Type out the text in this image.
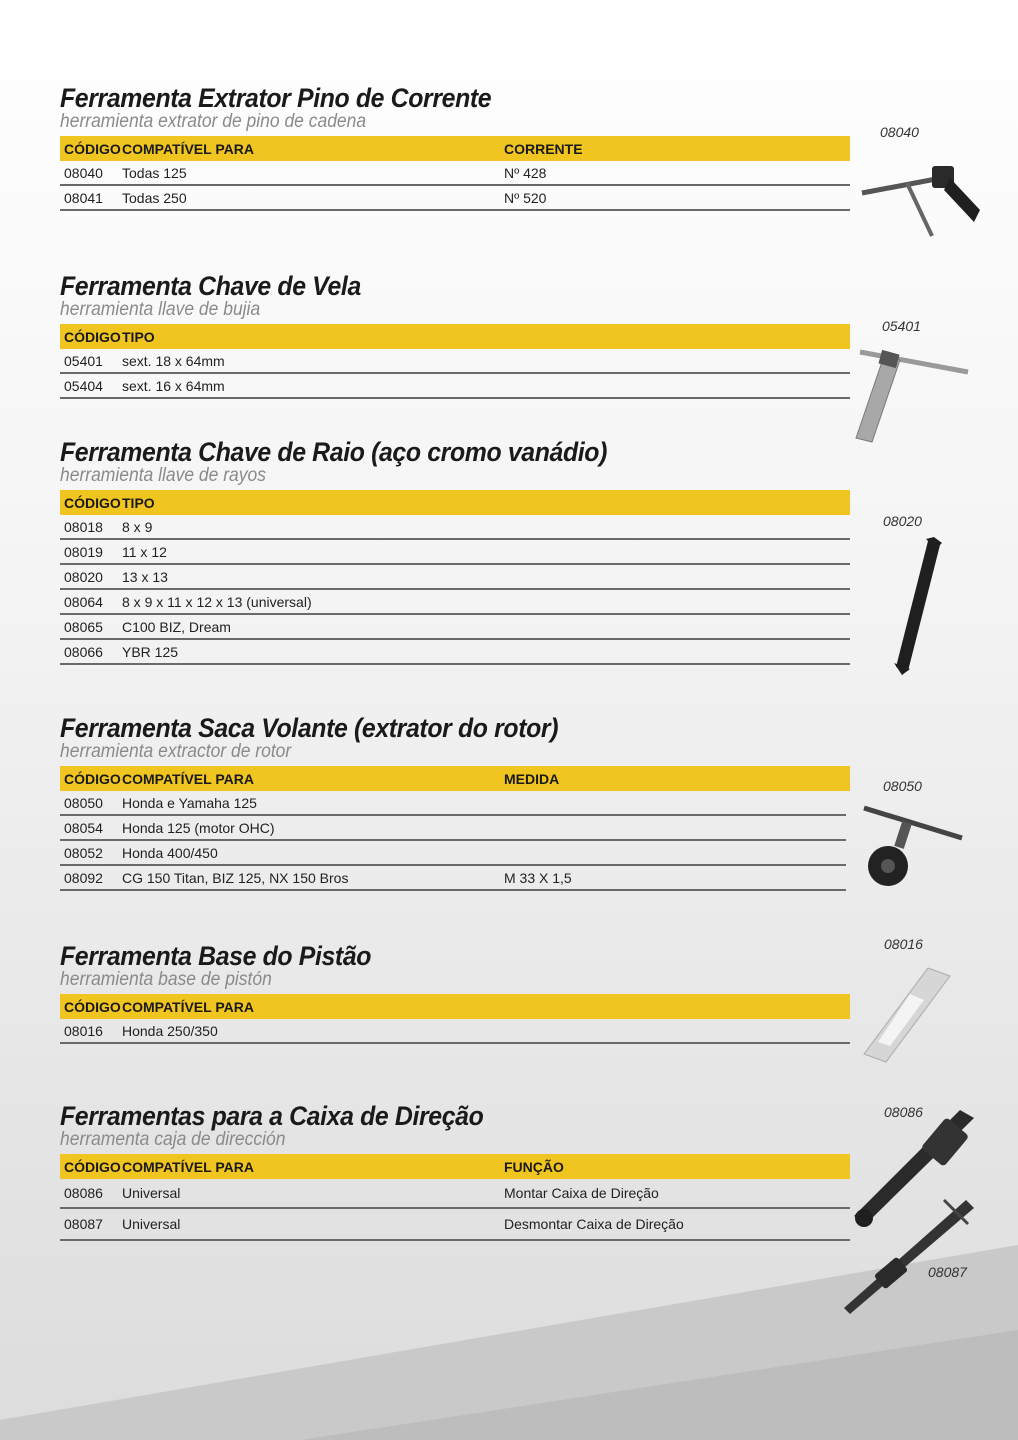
Ferramenta Extrator Pino de Corrente

herramienta extrator de pino de cadena

CÓDIGO COMPATÍVEL PARA	CORRENTE
08040	Todas 125	Nº 428
08041	Todas 250	Nº 520
Ferramenta Chave de Vela

herramienta llave de bujia

CÓDIGO TIPO
05401	sext. 18 x 64mm
05404	sext. 16 x 64mm
Ferramenta Chave de Raio (aço cromo vanádio)

herramienta llave de rayos

CÓDIGO TIPO
08018	8 x 9
08019	11 x 12
08020	13 x 13
08064	8 x 9 x 11 x 12 x 13 (universal)
08065	C100 BIZ, Dream
08066	YBR 125
Ferramenta Saca Volante (extrator do rotor)

herramienta extractor de rotor

CÓDIGO COMPATÍVEL PARA	MEDIDA
08050	Honda e Yamaha 125
08054	Honda 125 (motor OHC)
08052	Honda 400/450
08092	CG 150 Titan, BIZ 125, NX 150 Bros	M 33 X 1,5
Ferramenta Base do Pistão

herramienta base de pistón

CÓDIGO COMPATÍVEL PARA
08016	Honda 250/350
Ferramentas para a Caixa de Direção

herramenta caja de dirección

CÓDIGO COMPATÍVEL PARA	FUNÇÃO
08086	Universal	Montar Caixa de Direção
08087	Universal	Desmontar Caixa de Direção
08040
05401
08020
08050
08016
08086
08087
